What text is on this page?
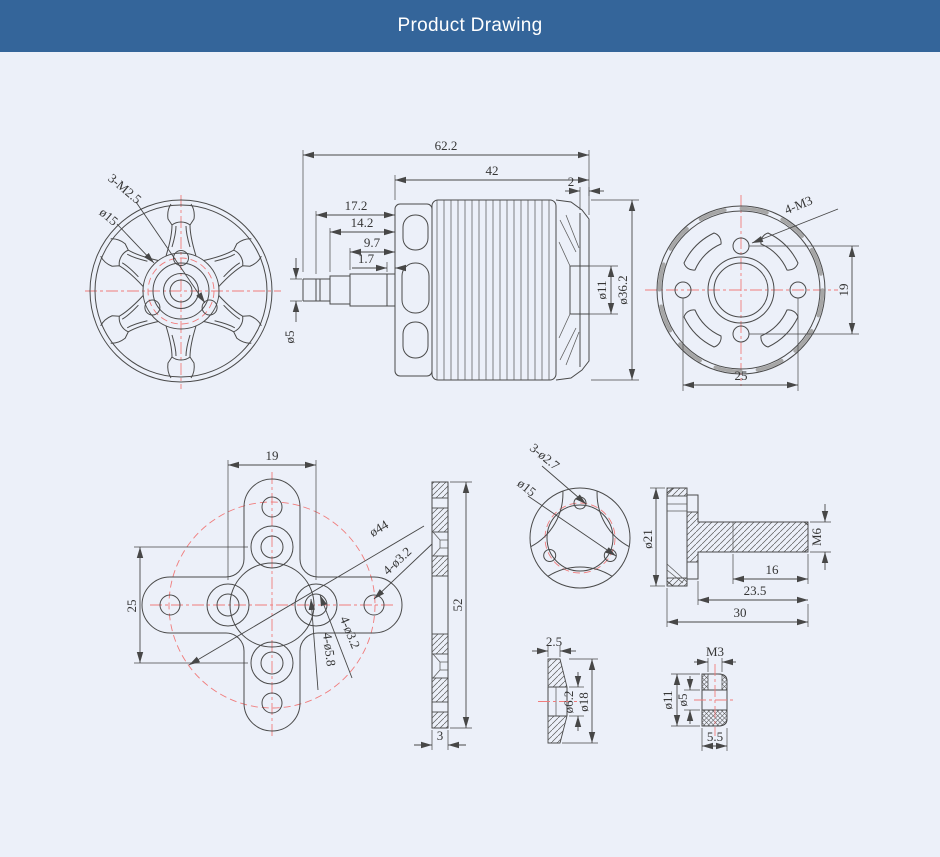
Product Drawing
3-M2.5
ø15
62.2
42
2
17.2
14.2
9.7
1.7
ø5
ø11 ø36.2	19
25
4-M3
19
25
ø44
4-ø3.2
4-ø3.2
4-ø5.8
52
3
3-ø2.7
ø15
ø21	M6
16
23.5
30
2.5
ø6.2 ø18
M3
ø11 ø5
5.5
